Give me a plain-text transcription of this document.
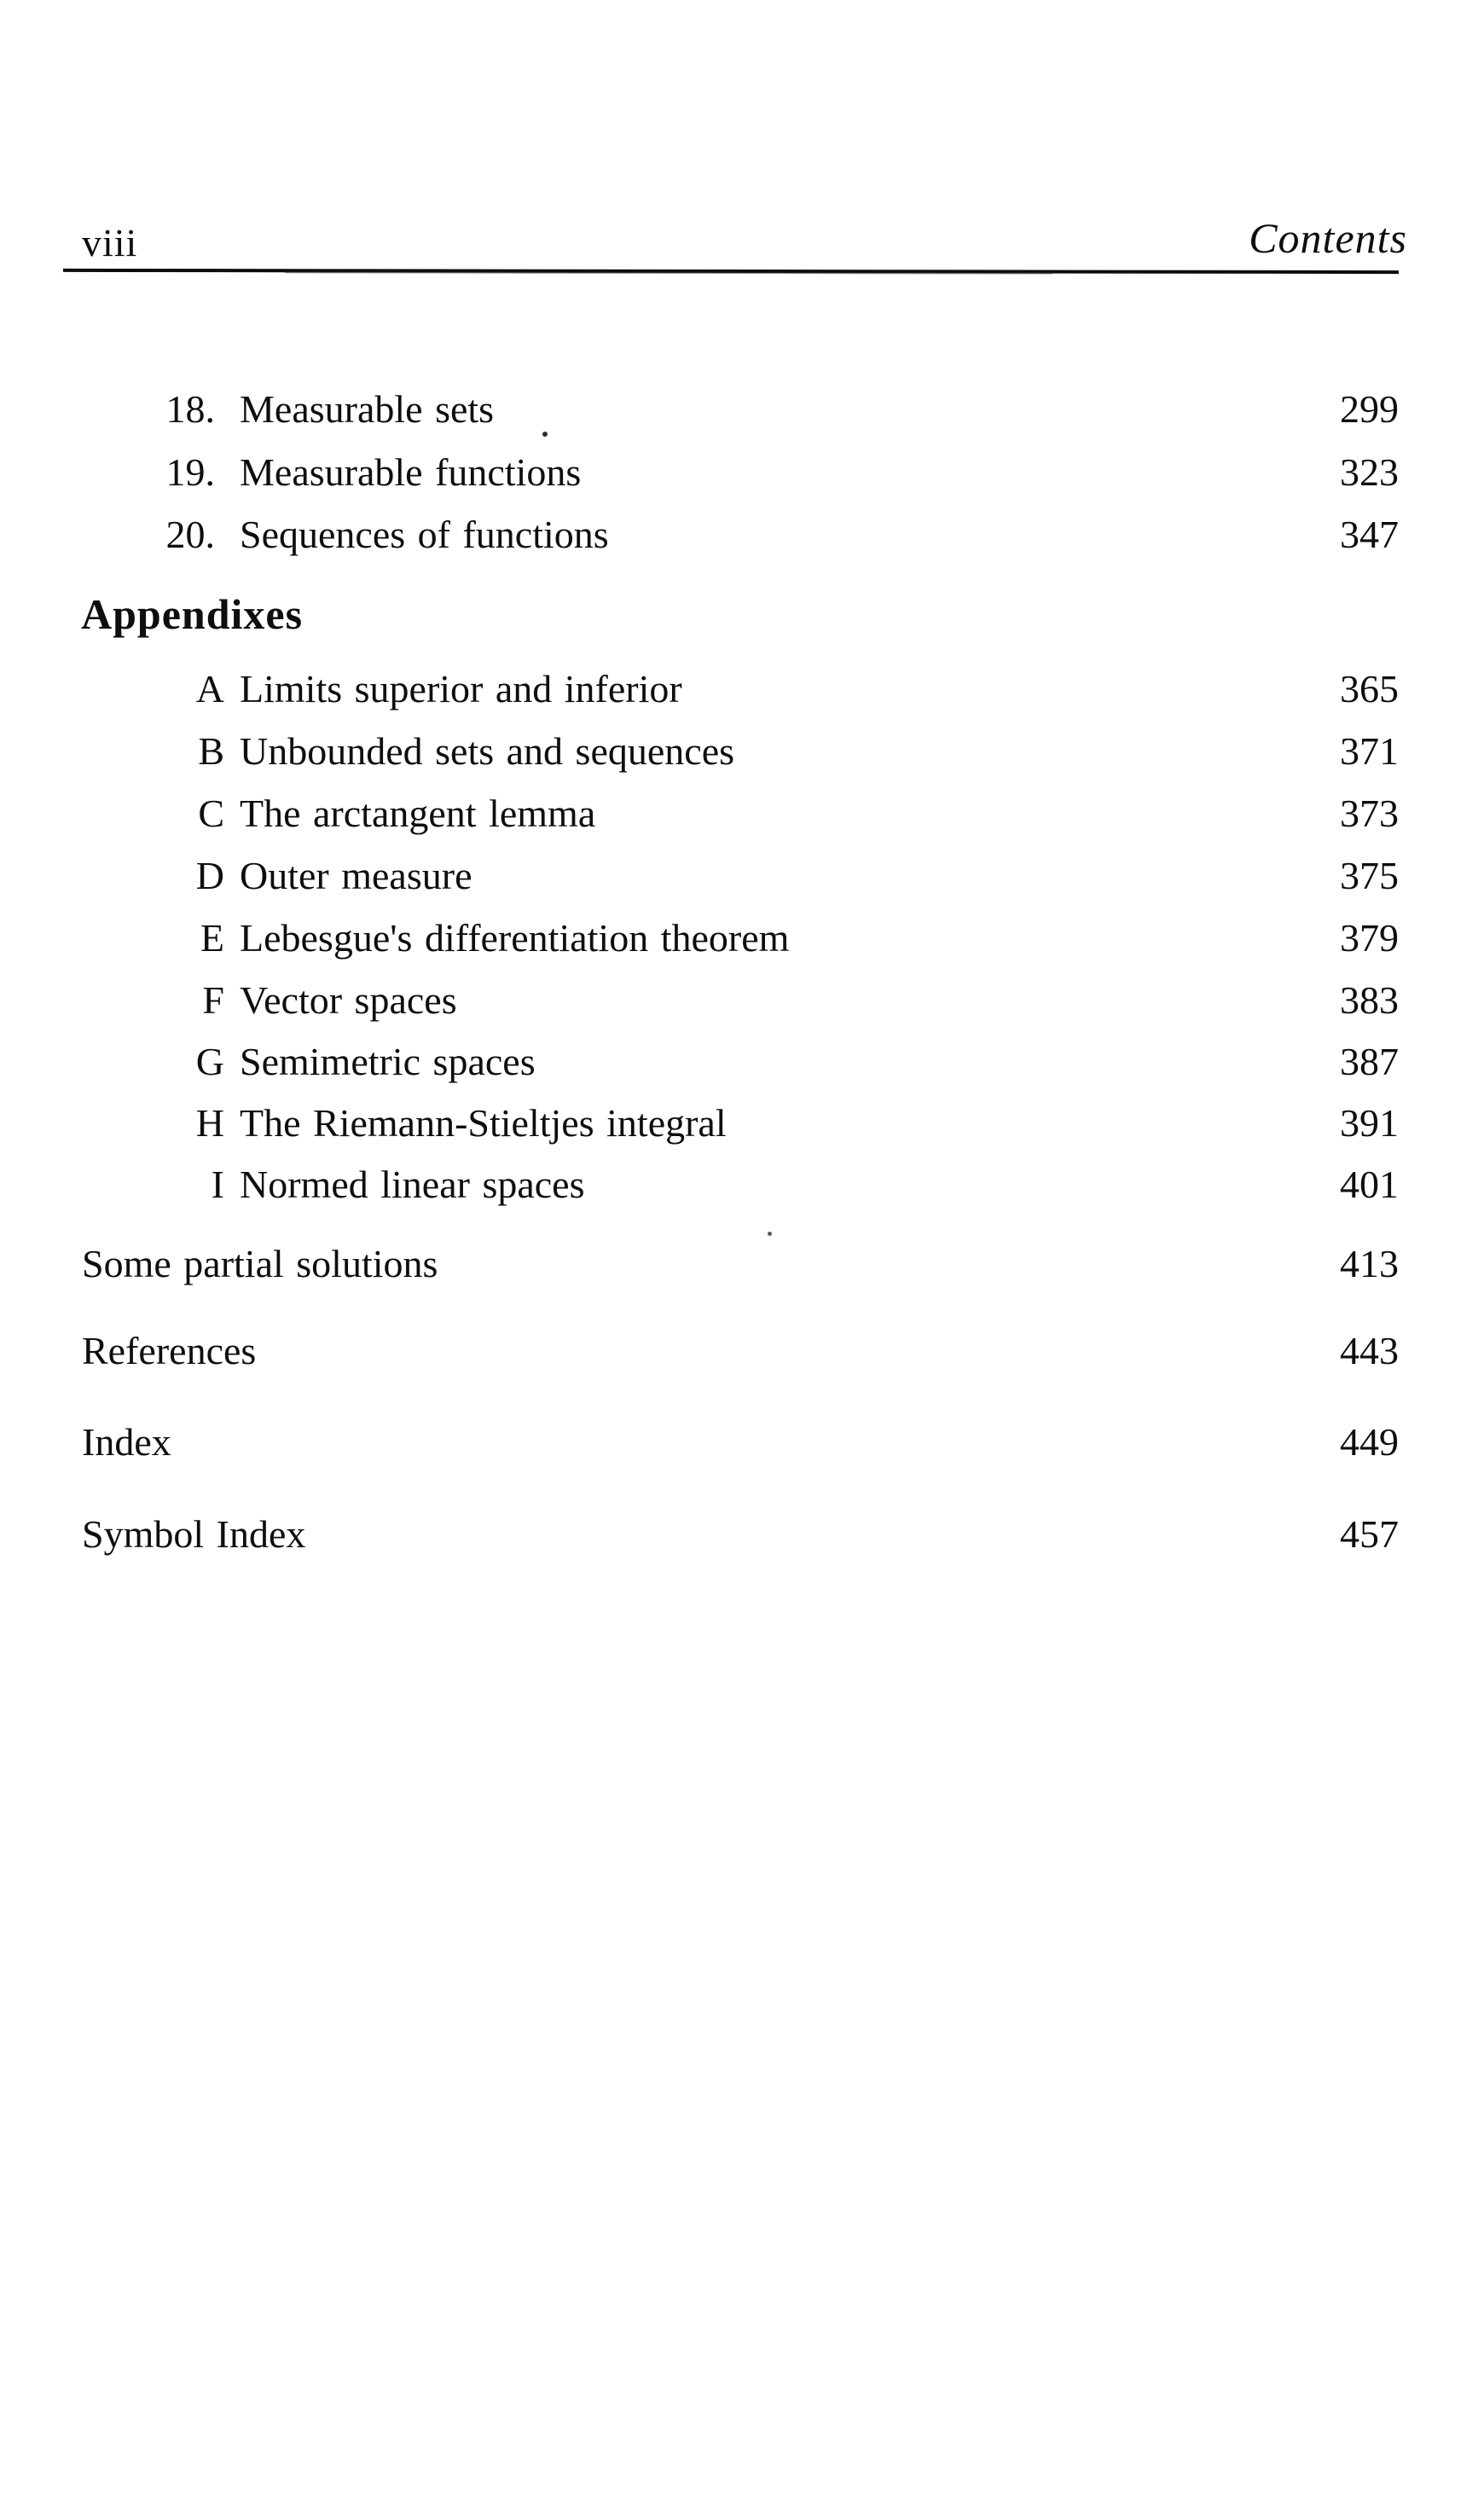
viii	Contents
18. Measurable sets	299
19. Measurable functions	323
20. Sequences of functions	347
Appendixes
A Limits superior and inferior	365
B Unbounded sets and sequences	371
C The arctangent lemma	373
D Outer measure	375
E Lebesgue's differentiation theorem	379
F Vector spaces	383
G Semimetric spaces	387
H The Riemann-Stieltjes integral	391
I Normed linear spaces	401
Some partial solutions	413
References	443
Index	449
Symbol Index	457
